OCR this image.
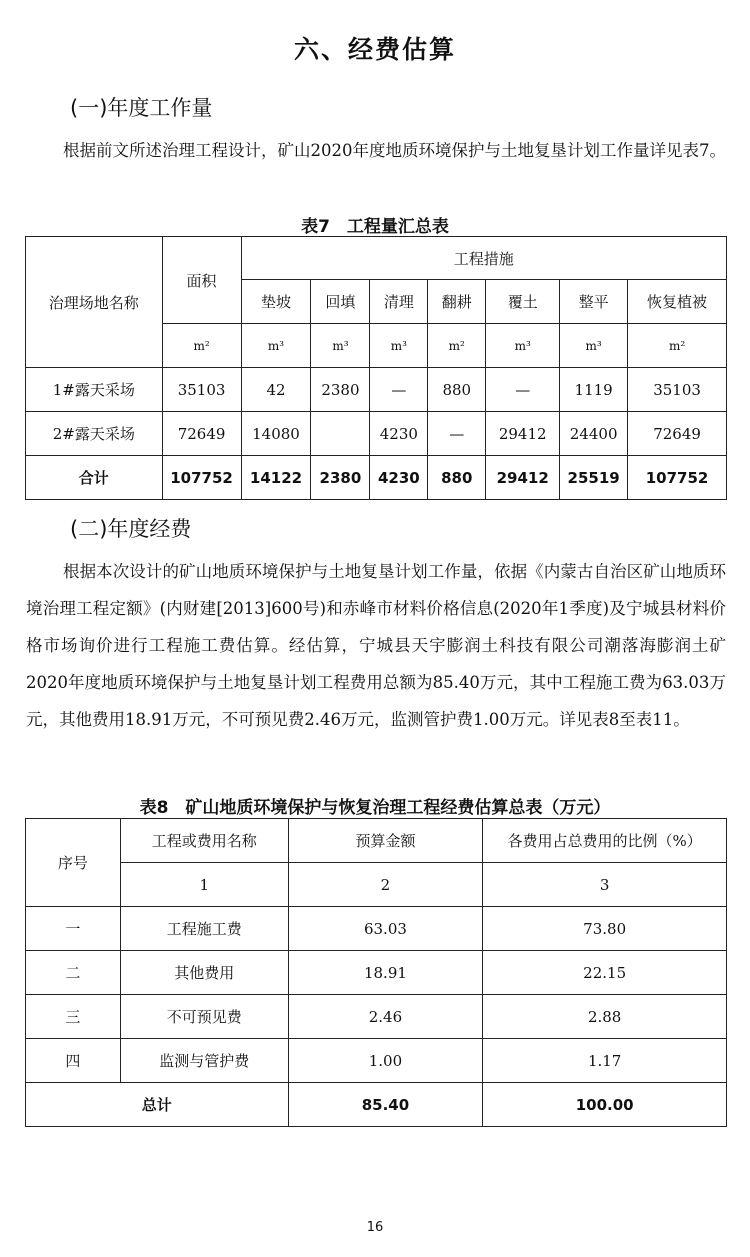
六、经费估算
(一)年度工作量

根据前文所述治理工程设计，矿山2020年度地质环境保护与土地复垦计划工作量详见表7。

表7　工程量汇总表
治理场地名称	面积	工程措施						
		垫坡	回填	清理	翻耕	覆土	整平	恢复植被
	m²	m³	m³	m³	m²	m³	m³	m²
1#露天采场	35103	42	2380	—	880	—	1119	35103
2#露天采场	72649	14080		4230	—	29412	24400	72649
合计	107752	14122	2380	4230	880	29412	25519	107752
(二)年度经费

根据本次设计的矿山地质环境保护与土地复垦计划工作量，依据《内蒙古自治区矿山地质环境治理工程定额》(内财建[2013]600号)和赤峰市材料价格信息(2020年1季度)及宁城县材料价格市场询价进行工程施工费估算。经估算，宁城县天宇膨润土科技有限公司潮落海膨润土矿2020年度地质环境保护与土地复垦计划工程费用总额为85.40万元，其中工程施工费为63.03万元，其他费用18.91万元，不可预见费2.46万元，监测管护费1.00万元。详见表8至表11。

表8　矿山地质环境保护与恢复治理工程经费估算总表（万元）
序号	工程或费用名称	预算金额	各费用占总费用的比例（%）
	1	2	3
一	工程施工费	63.03	73.80
二	其他费用	18.91	22.15
三	不可预见费	2.46	2.88
四	监测与管护费	1.00	1.17
总计		85.40	100.00
16
